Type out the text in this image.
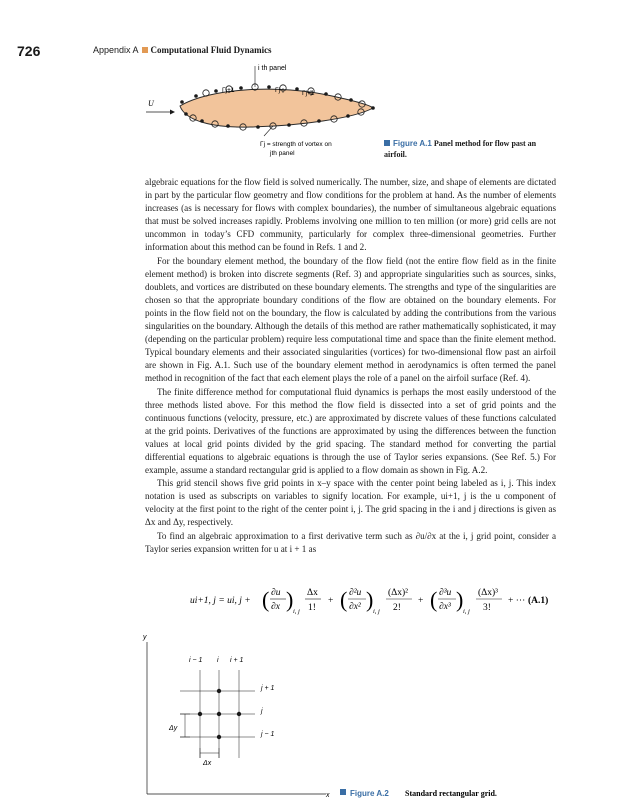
726	Appendix A Computational Fluid Dynamics
i th panel
Γj−1	Γj	Γj+1
U
Γj = strength of vortex on
jth panel
Figure A.1 Panel method for flow past an airfoil.

algebraic equations for the flow field is solved numerically. The number, size, and shape of elements are dictated in part by the particular flow geometry and flow conditions for the problem at hand. As the number of elements increases (as is necessary for flows with complex boundaries), the number of simultaneous algebraic equations that must be solved increases rapidly. Problems involving one million to ten million (or more) grid cells are not uncommon in today’s CFD community, particularly for complex three-dimensional geometries. Further information about this method can be found in Refs. 1 and 2.

For the boundary element method, the boundary of the flow field (not the entire flow field as in the finite element method) is broken into discrete segments (Ref. 3) and appropriate singularities such as sources, sinks, doublets, and vortices are distributed on these boundary elements. The strengths and type of the singularities are chosen so that the appropriate boundary conditions of the flow are obtained on the boundary elements. For points in the flow field not on the boundary, the flow is calculated by adding the contributions from the various singularities on the boundary. Although the details of this method are rather mathematically sophisticated, it may (depending on the particular problem) require less computational time and space than the finite element method. Typical boundary elements and their associated singularities (vortices) for two-dimensional flow past an airfoil are shown in Fig. A.1. Such use of the boundary element method in aerodynamics is often termed the panel method in recognition of the fact that each element plays the role of a panel on the airfoil surface (Ref. 4).

The finite difference method for computational fluid dynamics is perhaps the most easily understood of the three methods listed above. For this method the flow field is dissected into a set of grid points and the continuous functions (velocity, pressure, etc.) are approximated by discrete values of these functions calculated at the grid points. Derivatives of the functions are approximated by using the differences between the function values at local grid points divided by the grid spacing. The standard method for converting the partial differential equations to algebraic equations is through the use of Taylor series expansions. (See Ref. 5.) For example, assume a standard rectangular grid is applied to a flow domain as shown in Fig. A.2.

This grid stencil shows five grid points in x–y space with the center point being labeled as i, j. This index notation is used as subscripts on variables to signify location. For example, ui+1, j is the u component of velocity at the first point to the right of the center point i, j. The grid spacing in the i and j directions is given as Δx and Δy, respectively.

To find an algebraic approximation to a first derivative term such as ∂u/∂x at the i, j grid point, consider a Taylor series expansion written for u at i + 1 as

ui+1, j = ui, j + ( ∂u
∂x ) i, j
Δx
1!
+ ( ∂²u
∂x² ) i, j
(Δx)²
2!
+ ( ∂³u
∂x³ ) i, j
(Δx)³
3!
+ ⋯ (A.1)
y
x
i − 1 i i + 1
j + 1
j
j − 1
Δy
Δx
Figure A.2 Standard rectangular grid.
